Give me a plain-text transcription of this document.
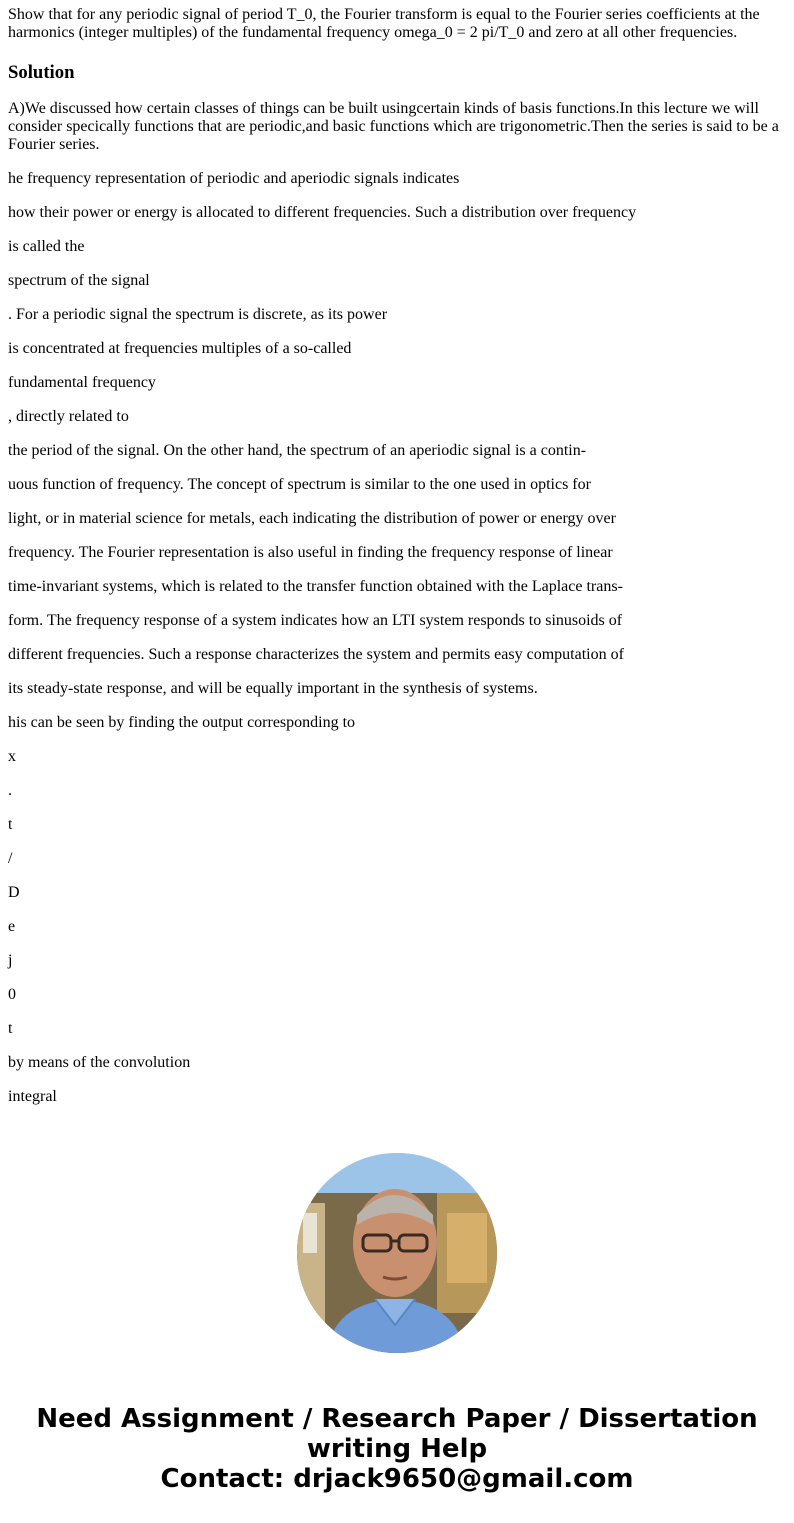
Show that for any periodic signal of period T_0, the Fourier transform is equal to the Fourier series coefficients at the harmonics (integer multiples) of the fundamental frequency omega_0 = 2 pi/T_0 and zero at all other frequencies.

Solution

A)We discussed how certain classes of things can be built usingcertain kinds of basis functions.In this lecture we will consider specically functions that are periodic,and basic functions which are trigonometric.Then the series is said to be a Fourier series.

he frequency representation of periodic and aperiodic signals indicates

how their power or energy is allocated to different frequencies. Such a distribution over frequency

is called the

spectrum of the signal

. For a periodic signal the spectrum is discrete, as its power

is concentrated at frequencies multiples of a so-called

fundamental frequency

, directly related to

the period of the signal. On the other hand, the spectrum of an aperiodic signal is a contin-

uous function of frequency. The concept of spectrum is similar to the one used in optics for

light, or in material science for metals, each indicating the distribution of power or energy over

frequency. The Fourier representation is also useful in finding the frequency response of linear

time-invariant systems, which is related to the transfer function obtained with the Laplace trans-

form. The frequency response of a system indicates how an LTI system responds to sinusoids of

different frequencies. Such a response characterizes the system and permits easy computation of

its steady-state response, and will be equally important in the synthesis of systems.

his can be seen by finding the output corresponding to

x

.

t

/

D

e

j

0

t

by means of the convolution

integral

Need Assignment / Research Paper / Dissertation
writing Help
Contact: drjack9650@gmail.com
